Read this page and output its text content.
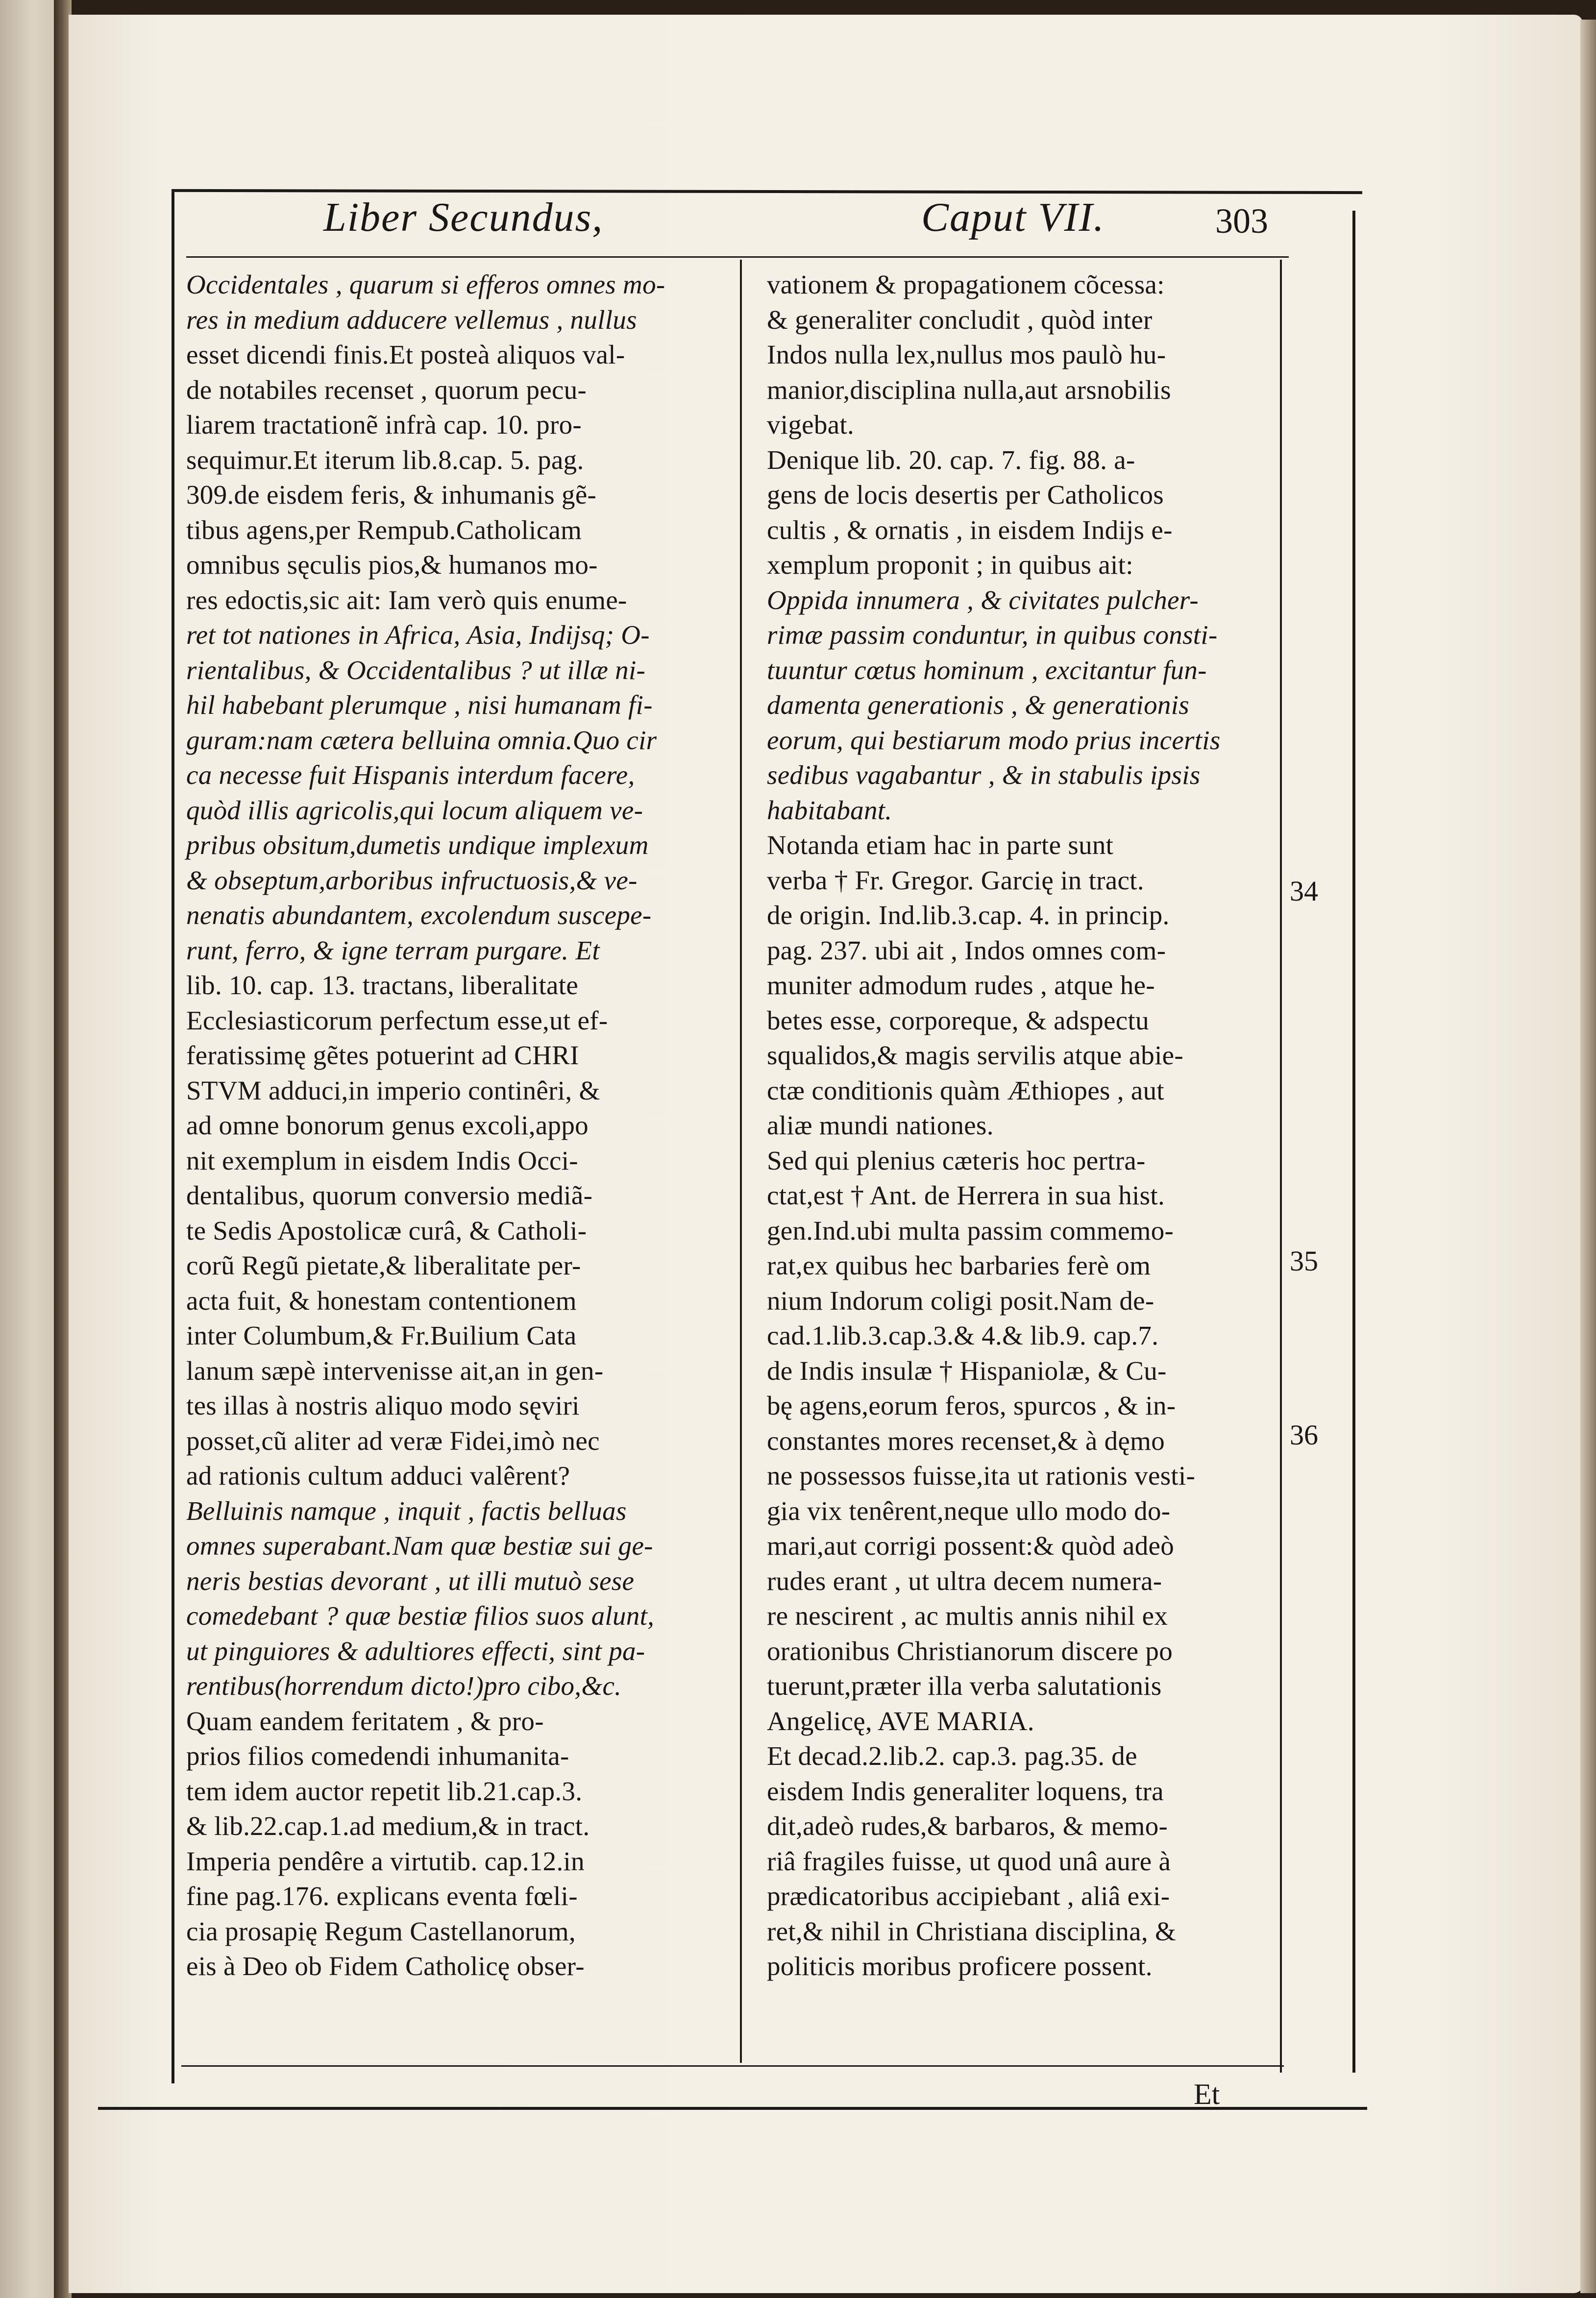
Liber Secundus,	Caput VII.	303
Occidentales , quarum si efferos omnes mo-
res in medium adducere vellemus , nullus
esset dicendi finis.Et posteà aliquos val-
de notabiles recenset , quorum pecu-
liarem tractationẽ infrà cap. 10. pro-
sequimur.Et iterum lib.8.cap. 5. pag.
309.de eisdem feris, & inhumanis gẽ-
tibus agens,per Rempub.Catholicam
omnibus sęculis pios,& humanos mo-
res edoctis,sic ait: Iam verò quis enume-
ret tot nationes in Africa, Asia, Indijsq; O-
rientalibus, & Occidentalibus ? ut illæ ni-
hil habebant plerumque , nisi humanam fi-
guram:nam cætera belluina omnia.Quo cir
ca necesse fuit Hispanis interdum facere,
quòd illis agricolis,qui locum aliquem ve-
pribus obsitum,dumetis undique implexum
& obseptum,arboribus infructuosis,& ve-
nenatis abundantem, excolendum suscepe-
runt, ferro, & igne terram purgare. Et
lib. 10. cap. 13. tractans, liberalitate
Ecclesiasticorum perfectum esse,ut ef-
feratissimę gẽtes potuerint ad CHRI
STVM adduci,in imperio continêri, &
ad omne bonorum genus excoli,appo
nit exemplum in eisdem Indis Occi-
dentalibus, quorum conversio mediã-
te Sedis Apostolicæ curâ, & Catholi-
corũ Regũ pietate,& liberalitate per-
acta fuit, & honestam contentionem
inter Columbum,& Fr.Builium Cata
lanum sæpè intervenisse ait,an in gen-
tes illas à nostris aliquo modo sęviri
posset,cũ aliter ad veræ Fidei,imò nec
ad rationis cultum adduci valêrent?
Belluinis namque , inquit , factis belluas
omnes superabant.Nam quæ bestiæ sui ge-
neris bestias devorant , ut illi mutuò sese
comedebant ? quæ bestiæ filios suos alunt,
ut pinguiores & adultiores effecti, sint pa-
rentibus(horrendum dicto!)pro cibo,&c.
Quam eandem feritatem , & pro-
prios filios comedendi inhumanita-
tem idem auctor repetit lib.21.cap.3.
& lib.22.cap.1.ad medium,& in tract.
Imperia pendêre a virtutib. cap.12.in
fine pag.176. explicans eventa fœli-
cia prosapię Regum Castellanorum,
eis à Deo ob Fidem Catholicę obser-
vationem & propagationem cõcessa:
& generaliter concludit , quòd inter
Indos nulla lex,nullus mos paulò hu-
manior,disciplina nulla,aut arsnobilis
vigebat.
Denique lib. 20. cap. 7. fig. 88. a-
gens de locis desertis per Catholicos
cultis , & ornatis , in eisdem Indijs e-
xemplum proponit ; in quibus ait:
Oppida innumera , & civitates pulcher-
rimæ passim conduntur, in quibus consti-
tuuntur cœtus hominum , excitantur fun-
damenta generationis , & generationis
eorum, qui bestiarum modo prius incertis
sedibus vagabantur , & in stabulis ipsis
habitabant.
Notanda etiam hac in parte sunt
verba † Fr. Gregor. Garcię in tract.
de origin. Ind.lib.3.cap. 4. in princip.
pag. 237. ubi ait , Indos omnes com-
muniter admodum rudes , atque he-
betes esse, corporeque, & adspectu
squalidos,& magis servilis atque abie-
ctæ conditionis quàm Æthiopes , aut
aliæ mundi nationes.
Sed qui plenius cæteris hoc pertra-
ctat,est † Ant. de Herrera in sua hist.
gen.Ind.ubi multa passim commemo-
rat,ex quibus hec barbaries ferè om
nium Indorum coligi posit.Nam de-
cad.1.lib.3.cap.3.& 4.& lib.9. cap.7.
de Indis insulæ † Hispaniolæ, & Cu-
bę agens,eorum feros, spurcos , & in-
constantes mores recenset,& à dęmo
ne possessos fuisse,ita ut rationis vesti-
gia vix tenêrent,neque ullo modo do-
mari,aut corrigi possent:& quòd adeò
rudes erant , ut ultra decem numera-
re nescirent , ac multis annis nihil ex
orationibus Christianorum discere po
tuerunt,præter illa verba salutationis
Angelicę, AVE MARIA.
Et decad.2.lib.2. cap.3. pag.35. de
eisdem Indis generaliter loquens, tra
dit,adeò rudes,& barbaros, & memo-
riâ fragiles fuisse, ut quod unâ aure à
prædicatoribus accipiebant , aliâ exi-
ret,& nihil in Christiana disciplina, &
politicis moribus proficere possent.
34
35
36
Et
